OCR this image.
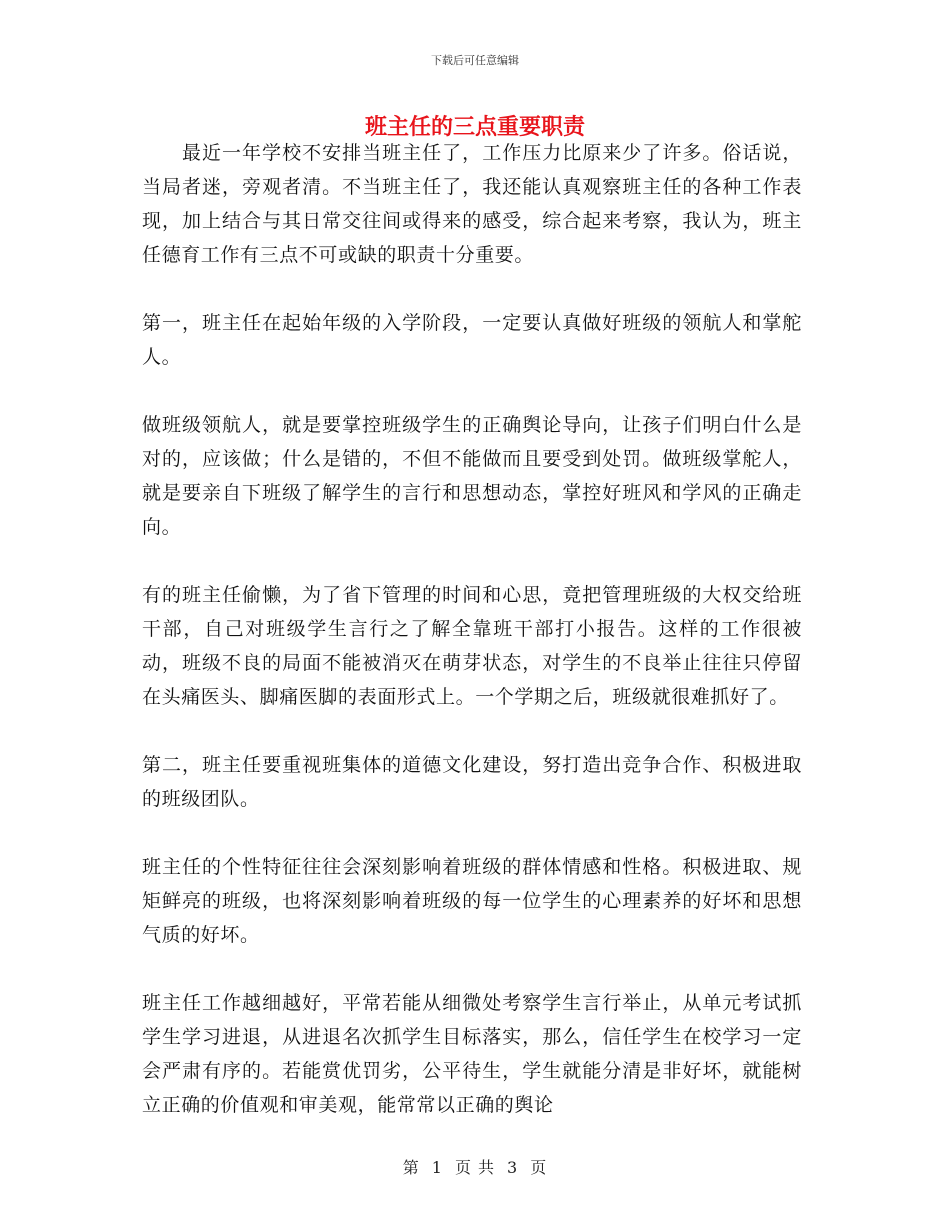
下载后可任意编辑
班主任的三点重要职责

最近一年学校不安排当班主任了，工作压力比原来少了许多。俗话说，当局者迷，旁观者清。不当班主任了，我还能认真观察班主任的各种工作表现，加上结合与其日常交往间或得来的感受，综合起来考察，我认为，班主任德育工作有三点不可或缺的职责十分重要。

第一，班主任在起始年级的入学阶段，一定要认真做好班级的领航人和掌舵人。

做班级领航人，就是要掌控班级学生的正确舆论导向，让孩子们明白什么是对的，应该做；什么是错的，不但不能做而且要受到处罚。做班级掌舵人，就是要亲自下班级了解学生的言行和思想动态，掌控好班风和学风的正确走向。

有的班主任偷懒，为了省下管理的时间和心思，竟把管理班级的大权交给班干部，自己对班级学生言行之了解全靠班干部打小报告。这样的工作很被动，班级不良的局面不能被消灭在萌芽状态，对学生的不良举止往往只停留在头痛医头、脚痛医脚的表面形式上。一个学期之后，班级就很难抓好了。

第二，班主任要重视班集体的道德文化建设，努打造出竞争合作、积极进取的班级团队。

班主任的个性特征往往会深刻影响着班级的群体情感和性格。积极进取、规矩鲜亮的班级，也将深刻影响着班级的每一位学生的心理素养的好坏和思想气质的好坏。

班主任工作越细越好，平常若能从细微处考察学生言行举止，从单元考试抓学生学习进退，从进退名次抓学生目标落实，那么，信任学生在校学习一定会严肃有序的。若能赏优罚劣，公平待生，学生就能分清是非好坏，就能树立正确的价值观和审美观，能常常以正确的舆论

第 1 页 共 3 页
